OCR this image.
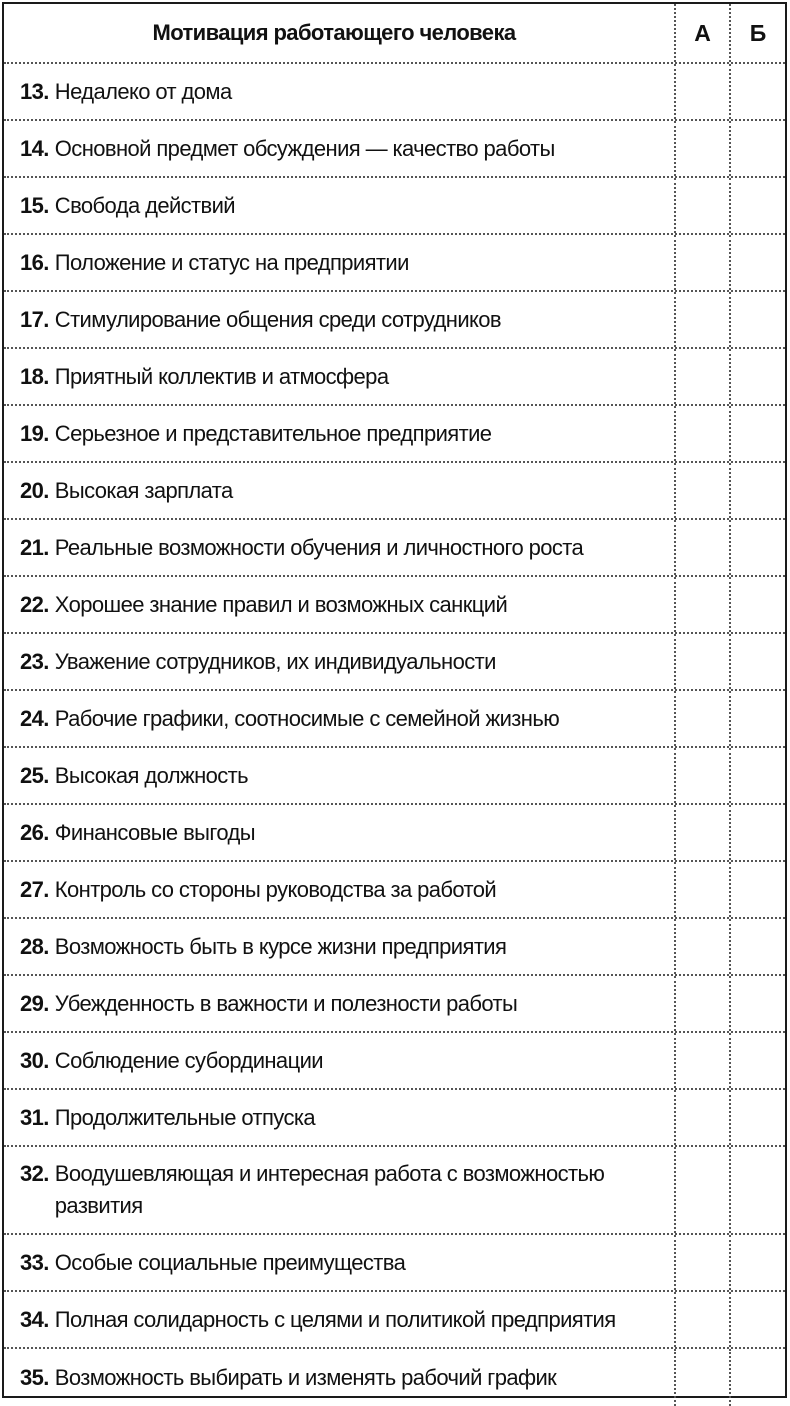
Мотивация работающего человека	А	Б
13. Недалеко от дома
14. Основной предмет обсуждения — качество работы
15. Свобода действий
16. Положение и статус на предприятии
17. Стимулирование общения среди сотрудников
18. Приятный коллектив и атмосфера
19. Серьезное и представительное предприятие
20. Высокая зарплата
21. Реальные возможности обучения и личностного роста
22. Хорошее знание правил и возможных санкций
23. Уважение сотрудников, их индивидуальности
24. Рабочие графики, соотносимые с семейной жизнью
25. Высокая должность
26. Финансовые выгоды
27. Контроль со стороны руководства за работой
28. Возможность быть в курсе жизни предприятия
29. Убежденность в важности и полезности работы
30. Соблюдение субординации
31. Продолжительные отпуска
32. Воодушевляющая и интересная работа с возможностью развития
33. Особые социальные преимущества
34. Полная солидарность с целями и политикой предприятия
35. Возможность выбирать и изменять рабочий график
